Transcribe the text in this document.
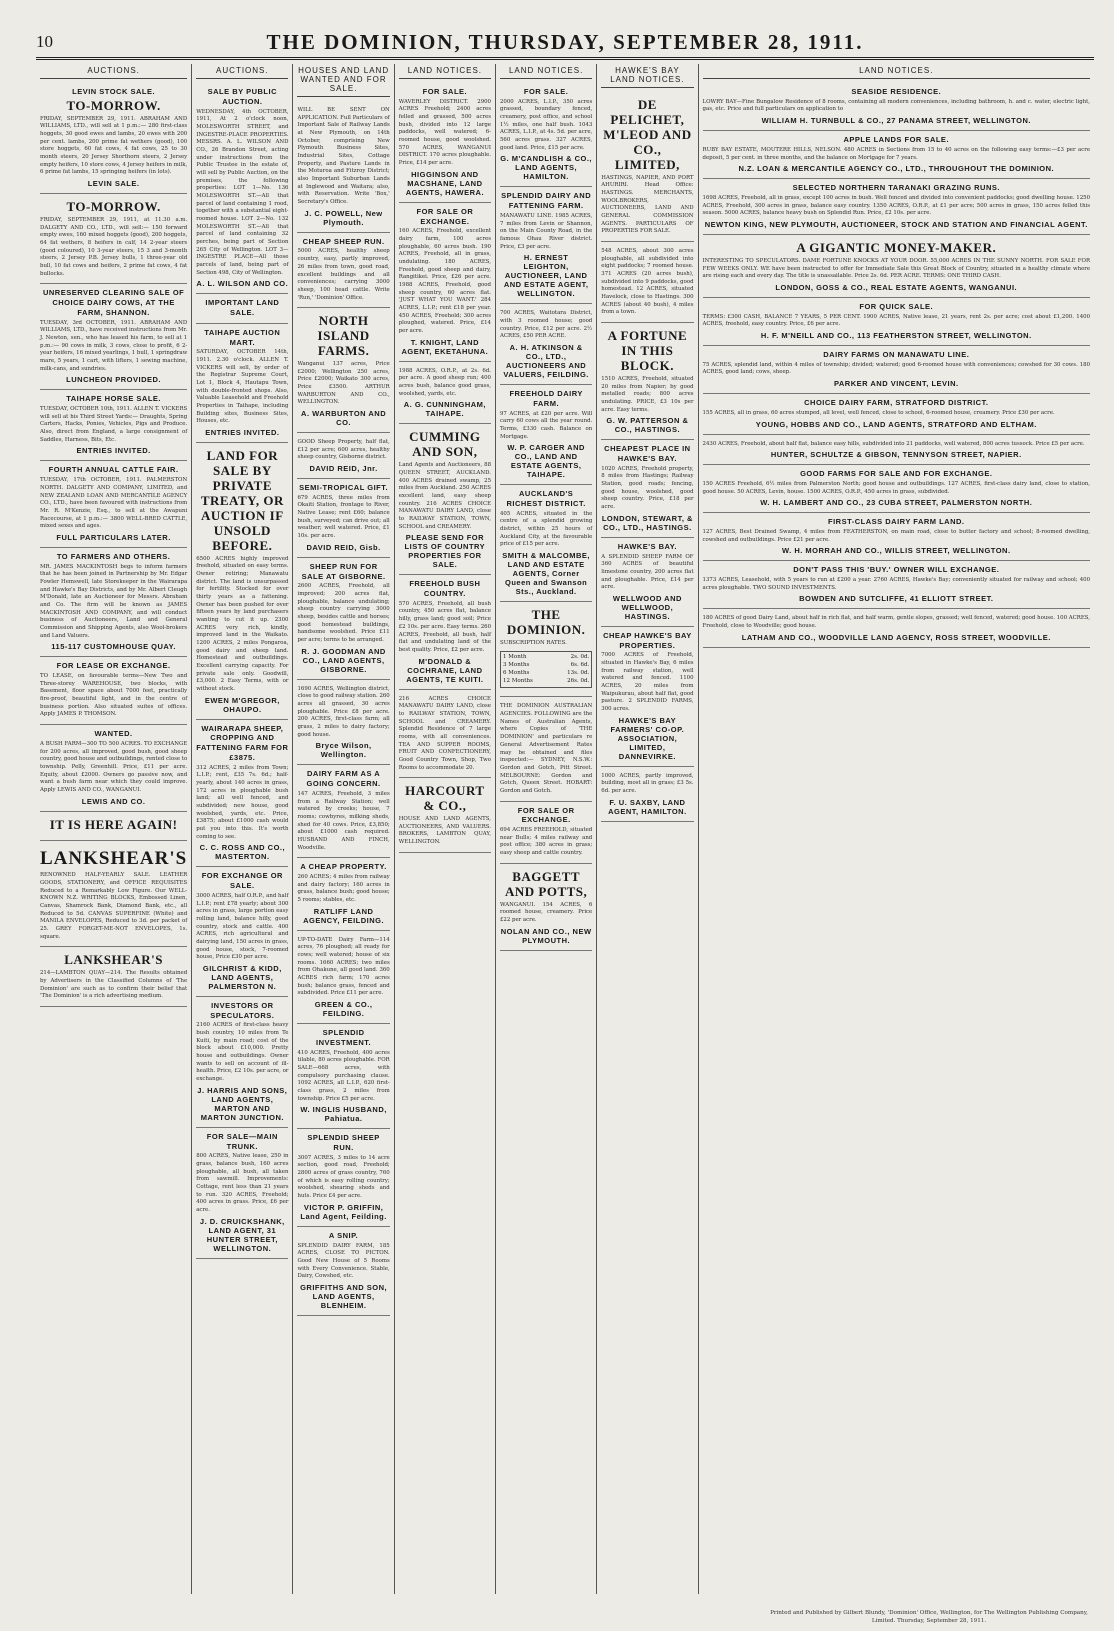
10	THE DOMINION, THURSDAY, SEPTEMBER 28, 1911.
AUCTIONS.
LEVIN STOCK SALE.
TO-MORROW.
FRIDAY, SEPTEMBER 29, 1911. ABRAHAM AND WILLIAMS, LTD., will sell at 1 p.m.:— 280 first-class hoggets, 30 good ewes and lambs, 20 ewes with 200 per cent. lambs, 200 prime fat wethers (good), 100 store hoggets, 60 fat cows, 4 fat cows, 25 to 30 month steers, 20 Jersey Shorthorn steers, 2 Jersey empty heifers, 10 store cows, 4 Jersey heifers in milk, 6 prime fat lambs, 15 springing heifers (in lots).
LEVIN SALE.
TO-MORROW.
FRIDAY, SEPTEMBER 29, 1911, at 11.30 a.m. DALGETY AND CO., LTD., will sell:— 150 forward empty ewes, 160 mixed hoggets (good), 200 hoggets, 64 fat wethers, 8 heifers in calf, 14 2-year steers (good coloured), 10 3-year steers, 15 3 and 3-month steers, 2 Jersey P.B. Jersey bulls, 1 three-year old bull, 10 fat cows and heifers, 2 prime fat cows, 4 fat bullocks.
UNRESERVED CLEARING SALE OF CHOICE DAIRY COWS, AT THE FARM, SHANNON.
TUESDAY, 3rd OCTOBER, 1911. ABRAHAM AND WILLIAMS, LTD., have received instructions from Mr. J. Newton, sen., who has leased his farm, to sell at 1 p.m.:— 90 cows in milk, 3 cows, close to profit, 6 2-year heifers, 16 mixed yearlings, 1 bull, 1 springdraw mare, 5 years, 1 cart, with lifters, 1 sewing machine, milk-cans, and sundries.
LUNCHEON PROVIDED.
TAIHAPE HORSE SALE.
TUESDAY, OCTOBER 10th, 1911. ALLEN T. VICKERS will sell at his Third Street Yards:— Draughts, Spring Carters, Hacks, Ponies, Vehicles, Pigs and Produce. Also, direct from England, a large consignment of Saddles, Harness, Bits, Etc.
ENTRIES INVITED.
FOURTH ANNUAL CATTLE FAIR.
TUESDAY, 17th OCTOBER, 1911. PALMERSTON NORTH. DALGETY AND COMPANY, LIMITED, and NEW ZEALAND LOAN AND MERCANTILE AGENCY CO., LTD., have been favoured with instructions from Mr. R. M'Kenzie, Esq., to sell at the Awapuni Racecourse, at 1 p.m.:— 3800 WELL-BRED CATTLE, mixed sexes and ages.
FULL PARTICULARS LATER.
TO FARMERS AND OTHERS.
MR. JAMES MACKINTOSH begs to inform farmers that he has been joined in Partnership by Mr. Edgar Fowler Hemswell, late Storekeeper in the Wairarapa and Hawke's Bay Districts, and by Mr. Albert Cleugh M'Donald, late an Auctioneer for Messrs. Abraham and Co. The firm will be known as JAMES MACKINTOSH AND COMPANY, and will conduct business of Auctioneers, Land and General Commission and Shipping Agents, also Wool-brokers and Land Valuers.
115-117 CUSTOMHOUSE QUAY.
FOR LEASE OR EXCHANGE.
TO LEASE, on favourable terms—New Two and Three-storey WAREHOUSE, two blocks, with Basement, floor space about 7000 feet, practically fire-proof, beautiful light, and in the centre of business portion. Also situated suites of offices. Apply JAMES P. THOMSON.
WANTED.
A BUSH FARM—300 TO 500 ACRES. TO EXCHANGE for 200 acres, all improved, good bush, good sheep country, good house and outbuildings, rented close to township. Pelly, Greenhill. Price, £11 per acre. Equity, about £2000. Owners go passive now, and want a bush farm near which they could improve. Apply LEWIS AND CO., WANGANUI.
LEWIS AND CO.
IT IS HERE AGAIN!
LANKSHEAR'S
RENOWNED HALF-YEARLY SALE. LEATHER GOODS, STATIONERY, and OFFICE REQUISITES Reduced to a Remarkably Low Figure. Our WELL-KNOWN N.Z. WRITING BLOCKS, Embossed Linen, Canvas, Shamrock Bank, Diamond Bank, etc., all Reduced to 5d. CANVAS SUPERFINE (White) and MANILA ENVELOPES, Reduced to 3d. per packet of 25. GREY FORGET-ME-NOT ENVELOPES, 1s. square.
LANKSHEAR'S
214—LAMBTON QUAY—214. The Results obtained by Advertisers in the Classified Columns of 'The Dominion' are such as to confirm their belief that 'The Dominion' is a rich advertising medium.
AUCTIONS.
SALE BY PUBLIC AUCTION.
WEDNESDAY, 4th OCTOBER, 1911, At 2 o'clock noon, MOLESWORTH STREET, and INGESTRE-PLACE PROPERTIES. MESSRS. A. L. WILSON AND CO., 26 Brandon Street, acting under instructions from the Public Trustee in the estate of, will sell by Public Auction, on the premises, the following properties: LOT 1—No. 136 MOLESWORTH ST.—All that parcel of land containing 1 rood, together with a substantial eight-roomed house. LOT 2—No. 132 MOLESWORTH ST.—All that parcel of land containing 32 perches, being part of Section 265 City of Wellington. LOT 3—INGESTRE PLACE—All those parcels of land, being part of Section 498, City of Wellington.
A. L. WILSON AND CO.
IMPORTANT LAND SALE.
TAIHAPE AUCTION MART.
SATURDAY, OCTOBER 14th, 1911. 2.30 o'clock. ALLEN T. VICKERS will sell, by order of the Registrar Supreme Court, Lot 1, Block 4, Hautapu Town, with double-fronted shops. Also, Valuable Leasehold and Freehold Properties in Taihape, including Building sites, Business Sites, Houses, etc.
ENTRIES INVITED.
LAND FOR SALE BY PRIVATE TREATY, OR AUCTION IF UNSOLD BEFORE.
6500 ACRES highly improved freehold, situated on easy terms. Owner retiring; Manawatu district. The land is unsurpassed for fertility. Stocked for over thirty years as a fattening. Owner has been pushed for over fifteen years by land purchasers wanting to cut it up. 2300 ACRES very rich, kindly, improved land in the Waikato. 1200 ACRES, 2 miles Pongaroa, good dairy and sheep land. Homestead and outbuildings. Excellent carrying capacity. For private sale only. Goodwill, £3,000. 2 Easy Terms, with or without stock.
EWEN M'GREGOR, OHAUPO.
WAIRARAPA SHEEP, CROPPING AND FATTENING FARM FOR £3875.
312 ACRES, 2 miles from Town; L.I.P.; rent, £35 7s. 6d.; half-yearly, about 140 acres in grass, 172 acres in ploughable bush land; all well fenced, and subdivided; new house, good woolshed, yards, etc. Price, £3875; about £1000 cash would put you into this. It's worth coming to see.
C. C. ROSS AND CO., MASTERTON.
FOR EXCHANGE OR SALE.
3000 ACRES, half O.R.P., and half L.I.P.; rent £78 yearly; about 300 acres in grass, large portion easy rolling land, balance hilly, good country, stock and cattle. 400 ACRES, rich agricultural and dairying land, 150 acres in grass, good house, stock, 7-roomed house, Price £30 per acre.
GILCHRIST & KIDD, LAND AGENTS, PALMERSTON N.
INVESTORS OR SPECULATORS.
2160 ACRES of first-class heavy bush country, 10 miles from Te Kuiti, by main road; cost of the block about £10,000. Pretty house and outbuildings. Owner wants to sell on account of ill-health. Price, £2 10s. per acre, or exchange.
J. HARRIS AND SONS, LAND AGENTS, MARTON AND MARTON JUNCTION.
FOR SALE—MAIN TRUNK.
800 ACRES, Native lease, 250 in grass, balance bush, 160 acres ploughable, all bush, all taken from sawmill. Improvements: Cottage, rent less than 21 years to run. 320 ACRES, Freehold; 400 acres in grass. Price, £6 per acre.
J. D. CRUICKSHANK, LAND AGENT, 31 HUNTER STREET, WELLINGTON.
HOUSES AND LAND WANTED AND FOR SALE.
WILL BE SENT ON APPLICATION. Full Particulars of Important Sale of Railway Lands at New Plymouth, on 14th October, comprising New Plymouth Business Sites, Industrial Sites, Cottage Property, and Pasture Lands in the Moturoa and Fitzroy District; also Important Suburban Lands at Inglewood and Waitara; also, with Reservation. Write 'Box,' Secretary's Office.
J. C. POWELL, New Plymouth.
CHEAP SHEEP RUN.
5000 ACRES, healthy sheep country, easy, partly improved, 26 miles from town, good road, excellent buildings and all conveniences; carrying 3000 sheep, 100 head cattle. Write 'Run,' 'Dominion' Office.
NORTH ISLAND FARMS.
Wanganui 137 acres, Price £2000; Wellington 250 acres, Price £2000; Waikato 300 acres, Price £3500. ARTHUR WARBURTON AND CO., WELLINGTON.
A. WARBURTON AND CO.
GOOD Sheep Property, half flat, £12 per acre; 600 acres, healthy sheep country, Gisborne district.
DAVID REID, Jnr.
SEMI-TROPICAL GIFT.
679 ACRES, three miles from Okaiti Station, frontage to River, Native Lease; rent £60; balance bush, surveyed; can drive out; all weather; well watered. Price, £1 10s. per acre.
DAVID REID, Gisb.
SHEEP RUN FOR SALE AT GISBORNE.
2600 ACRES, Freehold, all improved; 200 acres flat, ploughable, balance undulating; sheep country carrying 3000 sheep, besides cattle and horses; good homestead buildings, handsome woolshed. Price £11 per acre; terms to be arranged.
R. J. GOODMAN AND CO., LAND AGENTS, GISBORNE.
1690 ACRES, Wellington district, close to good railway station. 260 acres all grassed, 30 acres ploughable. Price £8 per acre. 200 ACRES, first-class farm; all grass, 2 miles to dairy factory; good house.
Bryce Wilson, Wellington.
DAIRY FARM AS A GOING CONCERN.
147 ACRES, Freehold, 3 miles from a Railway Station; well watered by creeks; house, 7 rooms; cowbyres, milking sheds, shed for 40 cows. Price, £3,850; about £1000 cash required. HUSBAND AND FINCH, Woodville.
A CHEAP PROPERTY.
260 ACRES; 4 miles from railway and dairy factory; 160 acres in grass, balance bush; good house; 5 rooms; stables, etc.
RATLIFF LAND AGENCY, FEILDING.
UP-TO-DATE Dairy Farm—114 acres, 76 ploughed; all ready for cows; well watered; house of six rooms. 1660 ACRES; two miles from Ohakune, all good land. 360 ACRES rich farm; 170 acres bush; balance grass, fenced and subdivided. Price £11 per acre.
GREEN & CO., FEILDING.
SPLENDID INVESTMENT.
410 ACRES, Freehold, 400 acres tilable, 80 acres ploughable. FOR SALE—668 acres, with compulsory purchasing clause. 1092 ACRES, all L.I.P., 620 first-class grass, 2 miles from township. Price £5 per acre.
W. INGLIS HUSBAND, Pahiatua.
SPLENDID SHEEP RUN.
3007 ACRES, 3 miles to 14 acre section, good road, Freehold; 2800 acres of grass country, 760 of which is easy rolling country; woolshed, shearing sheds and huts. Price £4 per acre.
VICTOR P. GRIFFIN, Land Agent, Feilding.
A SNIP.
SPLENDID DAIRY FARM, 185 ACRES, CLOSE TO PICTON. Good New House of 5 Rooms with Every Convenience. Stable, Dairy, Cowshed, etc.
GRIFFITHS AND SON, LAND AGENTS, BLENHEIM.
LAND NOTICES.
FOR SALE.
WAVERLEY DISTRICT. 2900 ACRES Freehold; 2400 acres felled and grassed, 500 acres bush, divided into 12 large paddocks, well watered; 6-roomed house, good woolshed. 570 ACRES, WANGANUI DISTRICT. 170 acres ploughable. Price, £14 per acre.
HIGGINSON AND MACSHANE, LAND AGENTS, HAWERA.
FOR SALE OR EXCHANGE.
160 ACRES, Freehold, excellent dairy farm, 100 acres ploughable, 60 acres bush. 190 ACRES, Freehold, all in grass, undulating. 180 ACRES, Freehold, good sheep and dairy, Rangitikei. Price, £26 per acre. 1988 ACRES, Freehold, good sheep country, 60 acres flat. 'JUST WHAT YOU WANT.' 284 ACRES, L.I.P.; rent £18 per year. 450 ACRES, Freehold; 300 acres ploughed, watered. Price, £14 per acre.
T. KNIGHT, LAND AGENT, EKETAHUNA.
1988 ACRES, O.R.P., at 2s. 6d. per acre. A good sheep run; 400 acres bush, balance good grass, woolshed, yards, etc.
A. G. CUNNINGHAM, TAIHAPE.
CUMMING AND SON,
Land Agents and Auctioneers, 88 QUEEN STREET, AUCKLAND. 400 ACRES drained swamp, 25 miles from Auckland. 250 ACRES excellent land, easy sheep country. 216 ACRES CHOICE MANAWATU DAIRY LAND, close to RAILWAY STATION, TOWN, SCHOOL and CREAMERY.
PLEASE SEND FOR LISTS OF COUNTRY PROPERTIES FOR SALE.
FREEHOLD BUSH COUNTRY.
570 ACRES, Freehold, all bush country, 450 acres flat, balance hilly, grass land; good soil; Price £2 10s. per acre. Easy terms. 260 ACRES, Freehold, all bush, half flat and undulating land of the best quality. Price, £2 per acre.
M'DONALD & COCHRANE, LAND AGENTS, TE KUITI.
216 ACRES CHOICE MANAWATU DAIRY LAND, close to RAILWAY STATION, TOWN, SCHOOL and CREAMERY. Splendid Residence of 7 large rooms, with all conveniences. TEA AND SUPPER ROOMS, FRUIT AND CONFECTIONERY, Good Country Town, Shop, Two Rooms to accommodate 20.
HARCOURT & CO.,
HOUSE AND LAND AGENTS, AUCTIONEERS, AND VALUERS. BROKERS, LAMBTON QUAY, WELLINGTON.
LAND NOTICES.
FOR SALE.
2000 ACRES, L.I.P., 350 acres grassed, boundary fenced, creamery, post office, and school 1½ miles, one half bush. 1043 ACRES, L.I.P., at 4s. 5d. per acre, 560 acres grass. 327 ACRES, good land. Price, £15 per acre.
G. M'CANDLISH & CO., LAND AGENTS, HAMILTON.
SPLENDID DAIRY AND FATTENING FARM.
MANAWATU LINE. 1985 ACRES, 7 miles from Levin or Shannon, on the Main County Road, in the famous Ohau River district. Price, £3 per acre.
H. ERNEST LEIGHTON, AUCTIONEER, LAND AND ESTATE AGENT, WELLINGTON.
700 ACRES, Waitotara District, with 3 roomed house; good country. Price, £12 per acre. 2½ ACRES, £50 PER ACRE.
A. H. ATKINSON & CO., LTD., AUCTIONEERS AND VALUERS, FEILDING.
FREEHOLD DAIRY FARM.
97 ACRES, at £20 per acre. Will carry 60 cows all the year round. Terms, £330 cash. Balance on Mortgage.
W. P. CARGER AND CO., LAND AND ESTATE AGENTS, TAIHAPE.
AUCKLAND'S RICHEST DISTRICT.
405 ACRES, situated in the centre of a splendid growing district, within 25 hours of Auckland City, at the favourable price of £15 per acre.
SMITH & MALCOMBE, LAND AND ESTATE AGENTS, Corner Queen and Swanson Sts., Auckland.
THE DOMINION.
SUBSCRIPTION RATES.
1 Month	2s. 0d.
3 Months	6s. 6d.
6 Months	13s. 0d.
12 Months	26s. 0d.
THE DOMINION AUSTRALIAN AGENCIES. FOLLOWING are the Names of Australian Agents, where Copies of 'THE DOMINION' and particulars re General Advertisement Rates may be obtained and files inspected:— SYDNEY, N.S.W.: Gordon and Gotch, Pitt Street. MELBOURNE: Gordon and Gotch, Queen Street. HOBART: Gordon and Gotch.
FOR SALE OR EXCHANGE.
694 ACRES FREEHOLD, situated near Bulls; 4 miles railway and post office; 380 acres in grass; easy sheep and cattle country.
BAGGETT AND POTTS,
WANGANUI. 154 ACRES, 6 roomed house, creamery. Price £22 per acre.
NOLAN AND CO., NEW PLYMOUTH.
HAWKE'S BAY LAND NOTICES.
DE PELICHET, M'LEOD AND CO., LIMITED,
HASTINGS, NAPIER, AND PORT AHURIRI. Head Office: HASTINGS. MERCHANTS, WOOLBROKERS, AUCTIONEERS, LAND AND GENERAL COMMISSION AGENTS. PARTICULARS OF PROPERTIES FOR SALE.
548 ACRES, about 300 acres ploughable, all subdivided into eight paddocks; 7 roomed house. 371 ACRES (20 acres bush), subdivided into 9 paddocks, good homestead. 12 ACRES, situated Havelock, close to Hastings. 300 ACRES (about 40 bush), 4 miles from a town.
A FORTUNE IN THIS BLOCK.
1510 ACRES, Freehold, situated 20 miles from Napier; by good metalled roads; 800 acres undulating. PRICE, £3 10s per acre. Easy terms.
G. W. PATTERSON & CO., HASTINGS.
CHEAPEST PLACE IN HAWKE'S BAY.
1020 ACRES, Freehold property, 8 miles from Hastings; Railway Station, good roads; fencing, good house, woolshed, good sheep country. Price, £18 per acre.
LONDON, STEWART, & CO., LTD., HASTINGS.
HAWKE'S BAY.
A SPLENDID SHEEP FARM OF 360 ACRES of beautiful limestone country, 200 acres flat and ploughable. Price, £14 per acre.
WELLWOOD AND WELLWOOD, HASTINGS.
CHEAP HAWKE'S BAY PROPERTIES.
7000 ACRES of Freehold, situated in Hawke's Bay, 6 miles from railway station, well watered and fenced. 1100 ACRES, 20 miles from Waipukurau, about half flat, good pasture. 2 SPLENDID FARMS, 300 acres.
HAWKE'S BAY FARMERS' CO-OP. ASSOCIATION, LIMITED, DANNEVIRKE.
1000 ACRES, partly improved, building, most all in grass; £3 5s. 6d. per acre.
F. U. SAXBY, LAND AGENT, HAMILTON.
LAND NOTICES.
SEASIDE RESIDENCE.
LOWRY BAY—Fine Bungalow Residence of 8 rooms, containing all modern conveniences, including bathroom, h. and c. water, electric light, gas, etc. Price and full particulars on application to
WILLIAM H. TURNBULL & CO., 27 PANAMA STREET, WELLINGTON.
APPLE LANDS FOR SALE.
RUBY BAY ESTATE, MOUTERE HILLS, NELSON. 480 ACRES in Sections from 15 to 40 acres on the following easy terms:—£3 per acre deposit, 5 per cent. in three months, and the balance on Mortgage for 7 years.
N.Z. LOAN & MERCANTILE AGENCY CO., LTD., THROUGHOUT THE DOMINION.
SELECTED NORTHERN TARANAKI GRAZING RUNS.
1698 ACRES, Freehold, all in grass, except 100 acres in bush. Well fenced and divided into convenient paddocks; good dwelling house. 1250 ACRES, Freehold, 300 acres in grass, balance easy country. 1350 ACRES, O.R.P., at £1 per acre; 500 acres in grass, 150 acres felled this season. 5000 ACRES, balance heavy bush on Splendid Run. Price, £2 10s. per acre.
NEWTON KING, NEW PLYMOUTH, AUCTIONEER, STOCK AND STATION AND FINANCIAL AGENT.
A GIGANTIC MONEY-MAKER.
INTERESTING TO SPECULATORS. DAME FORTUNE KNOCKS AT YOUR DOOR. 55,000 ACRES IN THE SUNNY NORTH. FOR SALE FOR FEW WEEKS ONLY. WE have been instructed to offer for Immediate Sale this Great Block of Country, situated in a healthy climate where are rising each and every day. The title is unassailable. Price 2s. 6d. PER ACRE. TERMS: ONE THIRD CASH.
LONDON, GOSS & CO., REAL ESTATE AGENTS, WANGANUI.
FOR QUICK SALE.
TERMS: £300 CASH, BALANCE 7 YEARS, 5 PER CENT. 1900 ACRES, Native lease, 21 years, rent 2s. per acre; cost about £1,200. 1400 ACRES, freehold, easy country. Price, £6 per acre.
H. F. M'NEILL AND CO., 113 FEATHERSTON STREET, WELLINGTON.
DAIRY FARMS ON MANAWATU LINE.
75 ACRES, splendid land, within 4 miles of township; divided; watered; good 6-roomed house with conveniences; cowshed for 30 cows. 180 ACRES, good land; cows, sheep.
PARKER AND VINCENT, LEVIN.
CHOICE DAIRY FARM, STRATFORD DISTRICT.
155 ACRES, all in grass, 60 acres stumped, all level, well fenced, close to school, 6-roomed house, creamery. Price £30 per acre.
YOUNG, HOBBS AND CO., LAND AGENTS, STRATFORD AND ELTHAM.
2430 ACRES, Freehold, about half flat, balance easy hills, subdivided into 21 paddocks, well watered, 800 acres tussock. Price £5 per acre.
HUNTER, SCHULTZE & GIBSON, TENNYSON STREET, NAPIER.
GOOD FARMS FOR SALE AND FOR EXCHANGE.
150 ACRES Freehold, 6½ miles from Palmerston North; good house and outbuildings. 127 ACRES, first-class dairy land, close to station, good house. 50 ACRES, Levin, house. 1500 ACRES, O.R.P., 450 acres in grass, subdivided.
W. H. LAMBERT AND CO., 23 CUBA STREET, PALMERSTON NORTH.
FIRST-CLASS DAIRY FARM LAND.
127 ACRES, Best Drained Swamp, 4 miles from FEATHERSTON, on main road, close to butter factory and school; 8-roomed dwelling, cowshed and outbuildings. Price £21 per acre.
W. H. MORRAH AND CO., WILLIS STREET, WELLINGTON.
DON'T PASS THIS 'BUY.' OWNER WILL EXCHANGE.
1373 ACRES, Leasehold, with 5 years to run at £200 a year. 2760 ACRES, Hawke's Bay; conveniently situated for railway and school; 400 acres ploughable. TWO SOUND INVESTMENTS.
BOWDEN AND SUTCLIFFE, 41 ELLIOTT STREET.
180 ACRES of good Dairy Land, about half in rich flat, and half warm, gentle slopes, grassed; well fenced, watered; good house. 100 ACRES, Freehold, close to Woodville; good house.
LATHAM AND CO., WOODVILLE LAND AGENCY, ROSS STREET, WOODVILLE.
Printed and Published by Gilbert Blundy, 'Dominion' Office, Wellington, for The Wellington Publishing Company, Limited. Thursday, September 28, 1911.
